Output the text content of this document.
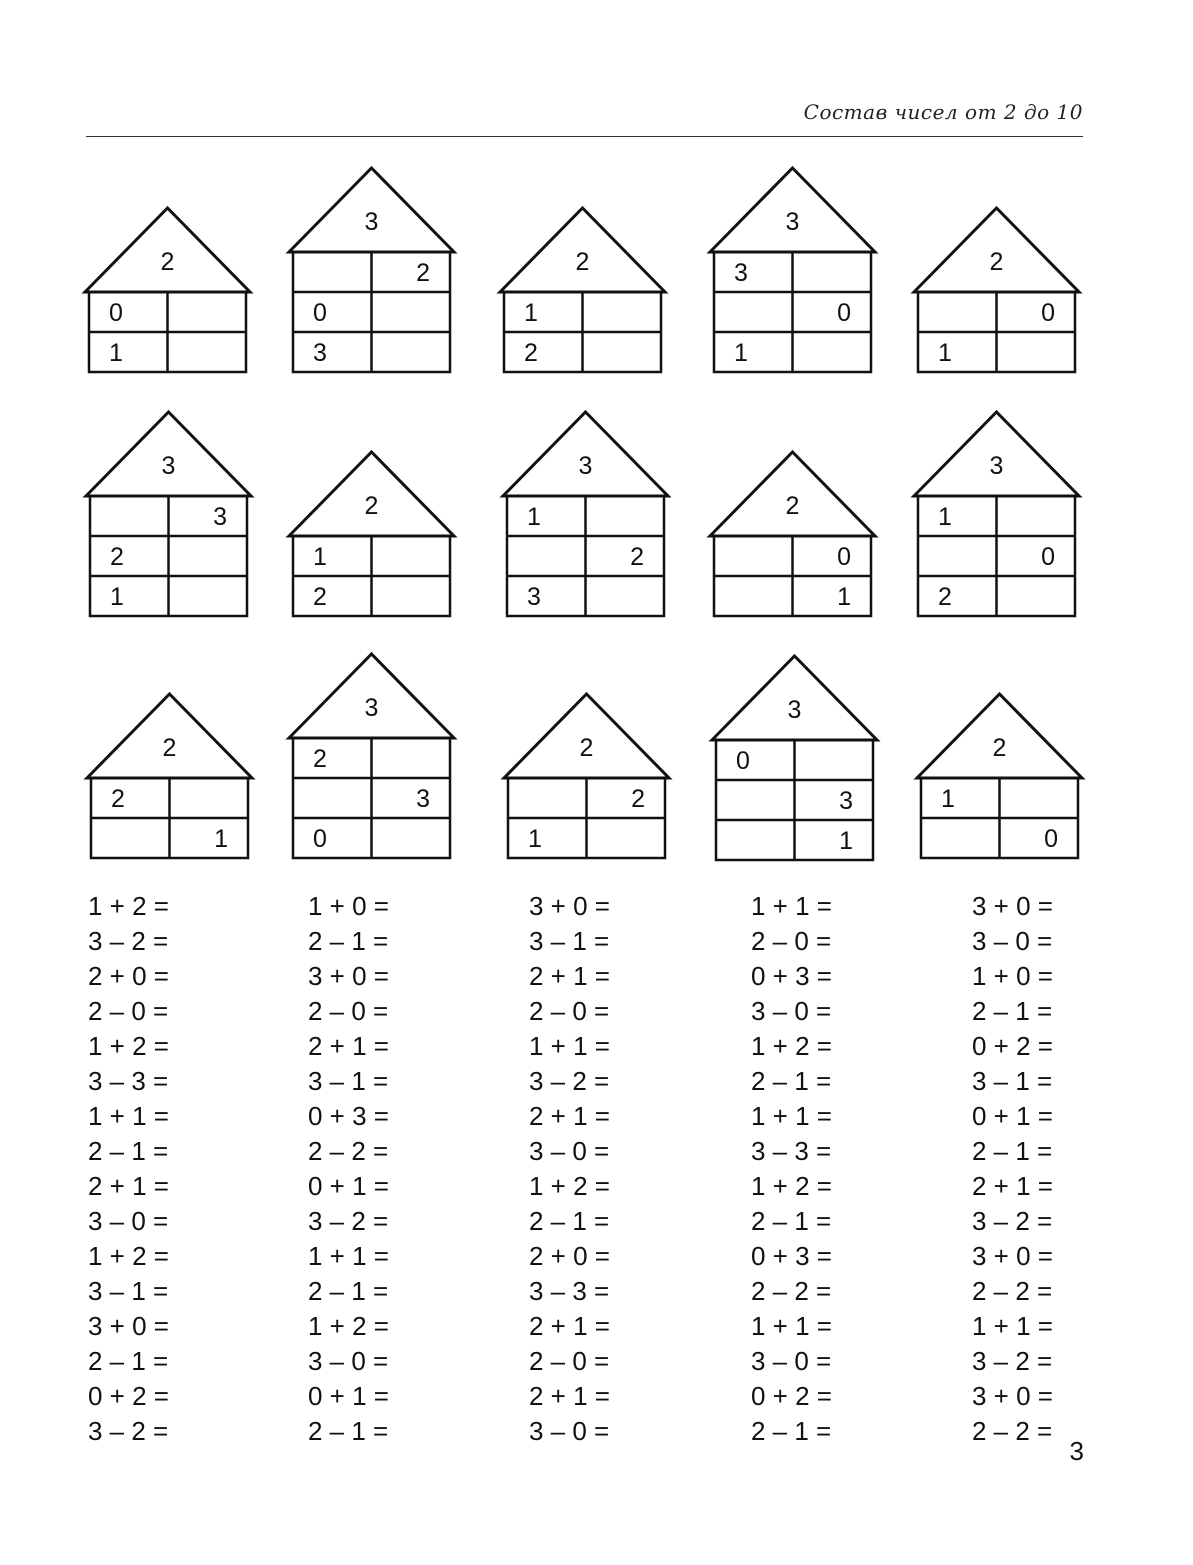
Состав чисел от 2 до 10
2
0
1
3
2
0
3
2
1
2
3
3
0
1
2
0
1
3
3
2
1
2
1
2
3
1
2
3
2
0
1
3
1
0
2
2
2
1
3
2
3
0
2
2
1
3
0
3
1
2
1
0
1 + 2 =
3 – 2 =
2 + 0 =
2 – 0 =
1 + 2 =
3 – 3 =
1 + 1 =
2 – 1 =
2 + 1 =
3 – 0 =
1 + 2 =
3 – 1 =
3 + 0 =
2 – 1 =
0 + 2 =
3 – 2 =
1 + 0 =
2 – 1 =
3 + 0 =
2 – 0 =
2 + 1 =
3 – 1 =
0 + 3 =
2 – 2 =
0 + 1 =
3 – 2 =
1 + 1 =
2 – 1 =
1 + 2 =
3 – 0 =
0 + 1 =
2 – 1 =
3 + 0 =
3 – 1 =
2 + 1 =
2 – 0 =
1 + 1 =
3 – 2 =
2 + 1 =
3 – 0 =
1 + 2 =
2 – 1 =
2 + 0 =
3 – 3 =
2 + 1 =
2 – 0 =
2 + 1 =
3 – 0 =
1 + 1 =
2 – 0 =
0 + 3 =
3 – 0 =
1 + 2 =
2 – 1 =
1 + 1 =
3 – 3 =
1 + 2 =
2 – 1 =
0 + 3 =
2 – 2 =
1 + 1 =
3 – 0 =
0 + 2 =
2 – 1 =
3 + 0 =
3 – 0 =
1 + 0 =
2 – 1 =
0 + 2 =
3 – 1 =
0 + 1 =
2 – 1 =
2 + 1 =
3 – 2 =
3 + 0 =
2 – 2 =
1 + 1 =
3 – 2 =
3 + 0 =
2 – 2 =
3
